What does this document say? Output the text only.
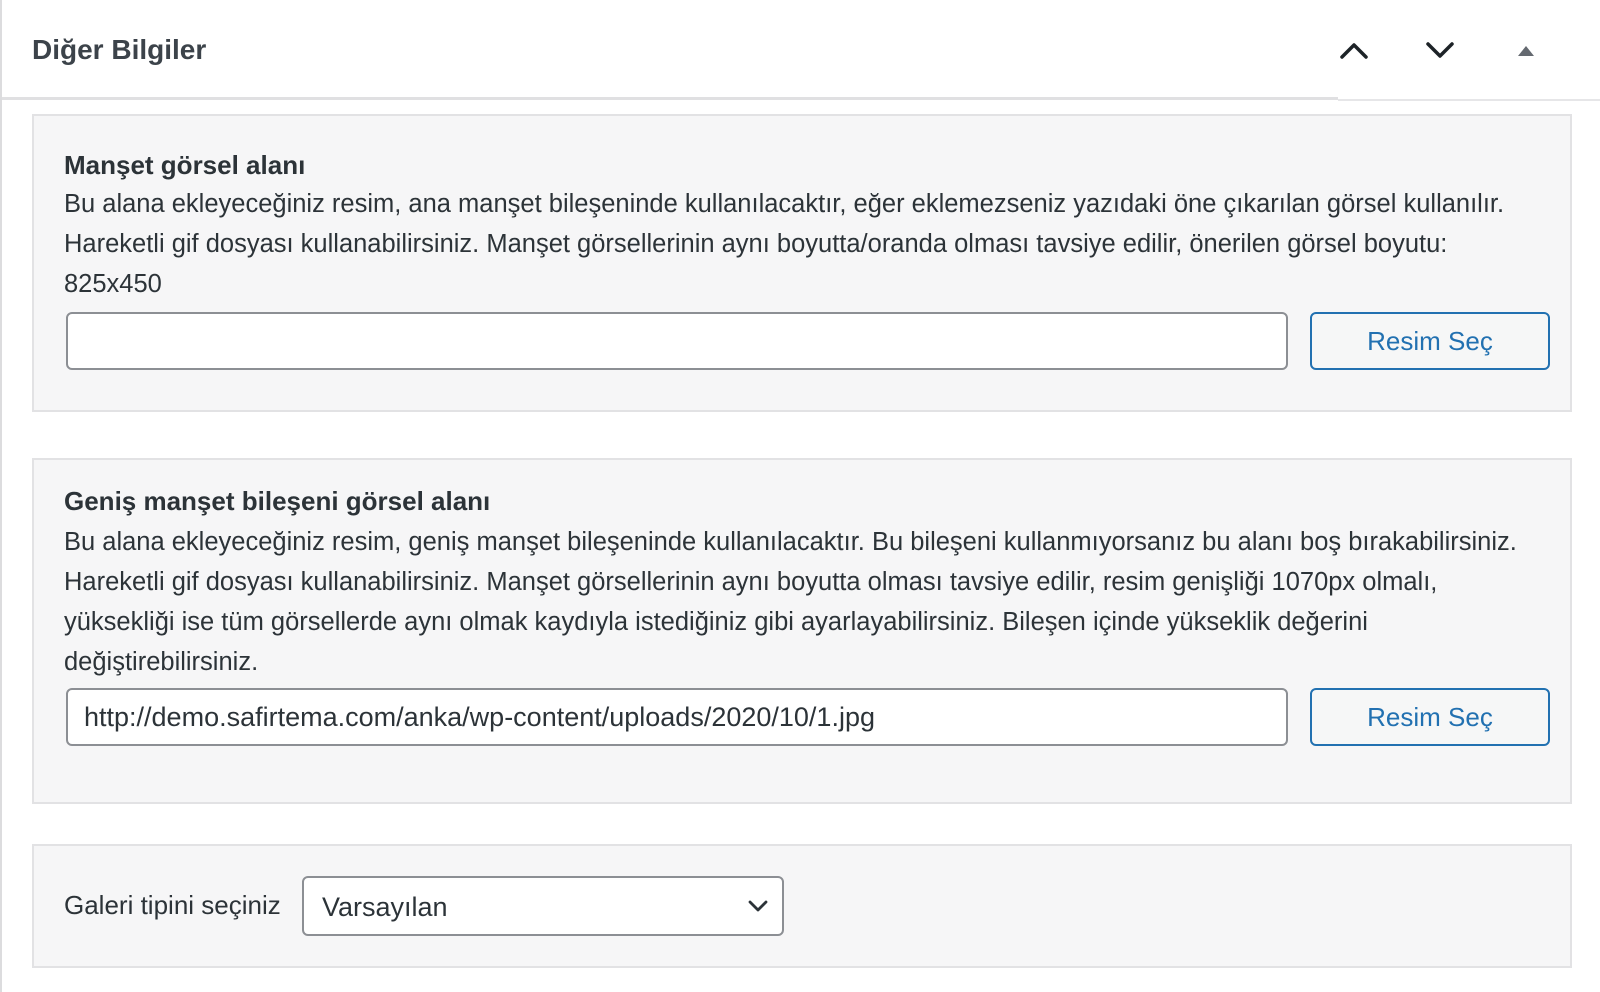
Diğer Bilgiler
Manşet görsel alanı
Bu alana ekleyeceğiniz resim, ana manşet bileşeninde kullanılacaktır, eğer eklemezseniz yazıdaki öne çıkarılan görsel kullanılır. Hareketli gif dosyası kullanabilirsiniz. Manşet görsellerinin aynı boyutta/oranda olması tavsiye edilir, önerilen görsel boyutu: 825x450
Resim Seç
Geniş manşet bileşeni görsel alanı
Bu alana ekleyeceğiniz resim, geniş manşet bileşeninde kullanılacaktır. Bu bileşeni kullanmıyorsanız bu alanı boş bırakabilirsiniz. Hareketli gif dosyası kullanabilirsiniz. Manşet görsellerinin aynı boyutta olması tavsiye edilir, resim genişliği 1070px olmalı, yüksekliği ise tüm görsellerde aynı olmak kaydıyla istediğiniz gibi ayarlayabilirsiniz. Bileşen içinde yükseklik değerini değiştirebilirsiniz.
http://demo.safirtema.com/anka/wp-content/uploads/2020/10/1.jpg
Resim Seç
Galeri tipini seçiniz Varsayılan
